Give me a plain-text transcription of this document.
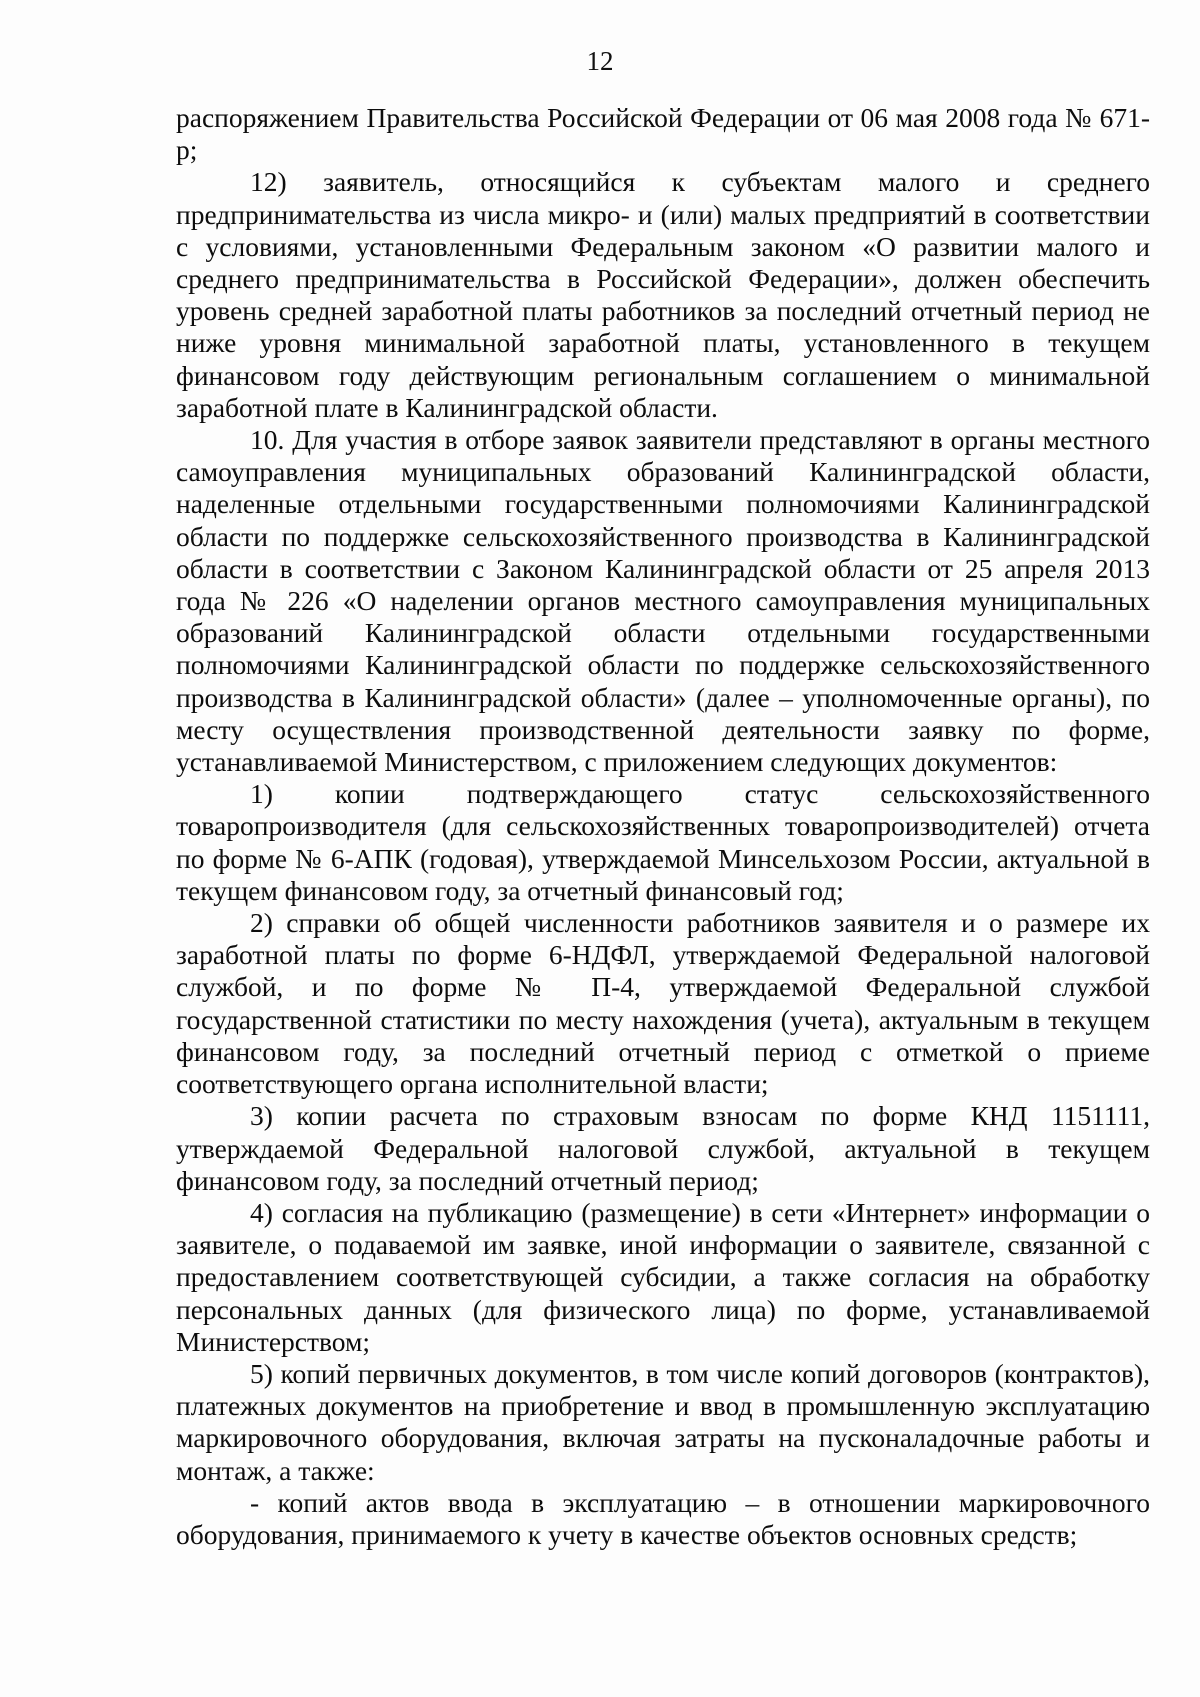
12

распоряжением Правительства Российской Федерации от 06 мая 2008 года № 671-р;

12) заявитель, относящийся к субъектам малого и среднего предпринимательства из числа микро- и (или) малых предприятий в соответствии с условиями, установленными Федеральным законом «О развитии малого и среднего предпринимательства в Российской Федерации», должен обеспечить уровень средней заработной платы работников за последний отчетный период не ниже уровня минимальной заработной платы, установленного в текущем финансовом году действующим региональным соглашением о минимальной заработной плате в Калининградской области.

10. Для участия в отборе заявок заявители представляют в органы местного самоуправления муниципальных образований Калининградской области, наделенные отдельными государственными полномочиями Калининградской области по поддержке сельскохозяйственного производства в Калининградской области в соответствии с Законом Калининградской области от 25 апреля 2013 года № 226 «О наделении органов местного самоуправления муниципальных образований Калининградской области отдельными государственными полномочиями Калининградской области по поддержке сельскохозяйственного производства в Калининградской области» (далее – уполномоченные органы), по месту осуществления производственной деятельности заявку по форме, устанавливаемой Министерством, с приложением следующих документов:

1) копии подтверждающего статус сельскохозяйственного товаропроизводителя (для сельскохозяйственных товаропроизводителей) отчета по форме № 6-АПК (годовая), утверждаемой Минсельхозом России, актуальной в текущем финансовом году, за отчетный финансовый год;

2) справки об общей численности работников заявителя и о размере их заработной платы по форме 6-НДФЛ, утверждаемой Федеральной налоговой службой, и по форме № П-4, утверждаемой Федеральной службой государственной статистики по месту нахождения (учета), актуальным в текущем финансовом году, за последний отчетный период с отметкой о приеме соответствующего органа исполнительной власти;

3) копии расчета по страховым взносам по форме КНД 1151111, утверждаемой Федеральной налоговой службой, актуальной в текущем финансовом году, за последний отчетный период;

4) согласия на публикацию (размещение) в сети «Интернет» информации о заявителе, о подаваемой им заявке, иной информации о заявителе, связанной с предоставлением соответствующей субсидии, а также согласия на обработку персональных данных (для физического лица) по форме, устанавливаемой Министерством;

5) копий первичных документов, в том числе копий договоров (контрактов), платежных документов на приобретение и ввод в промышленную эксплуатацию маркировочного оборудования, включая затраты на пусконаладочные работы и монтаж, а также:

- копий актов ввода в эксплуатацию – в отношении маркировочного оборудования, принимаемого к учету в качестве объектов основных средств;
